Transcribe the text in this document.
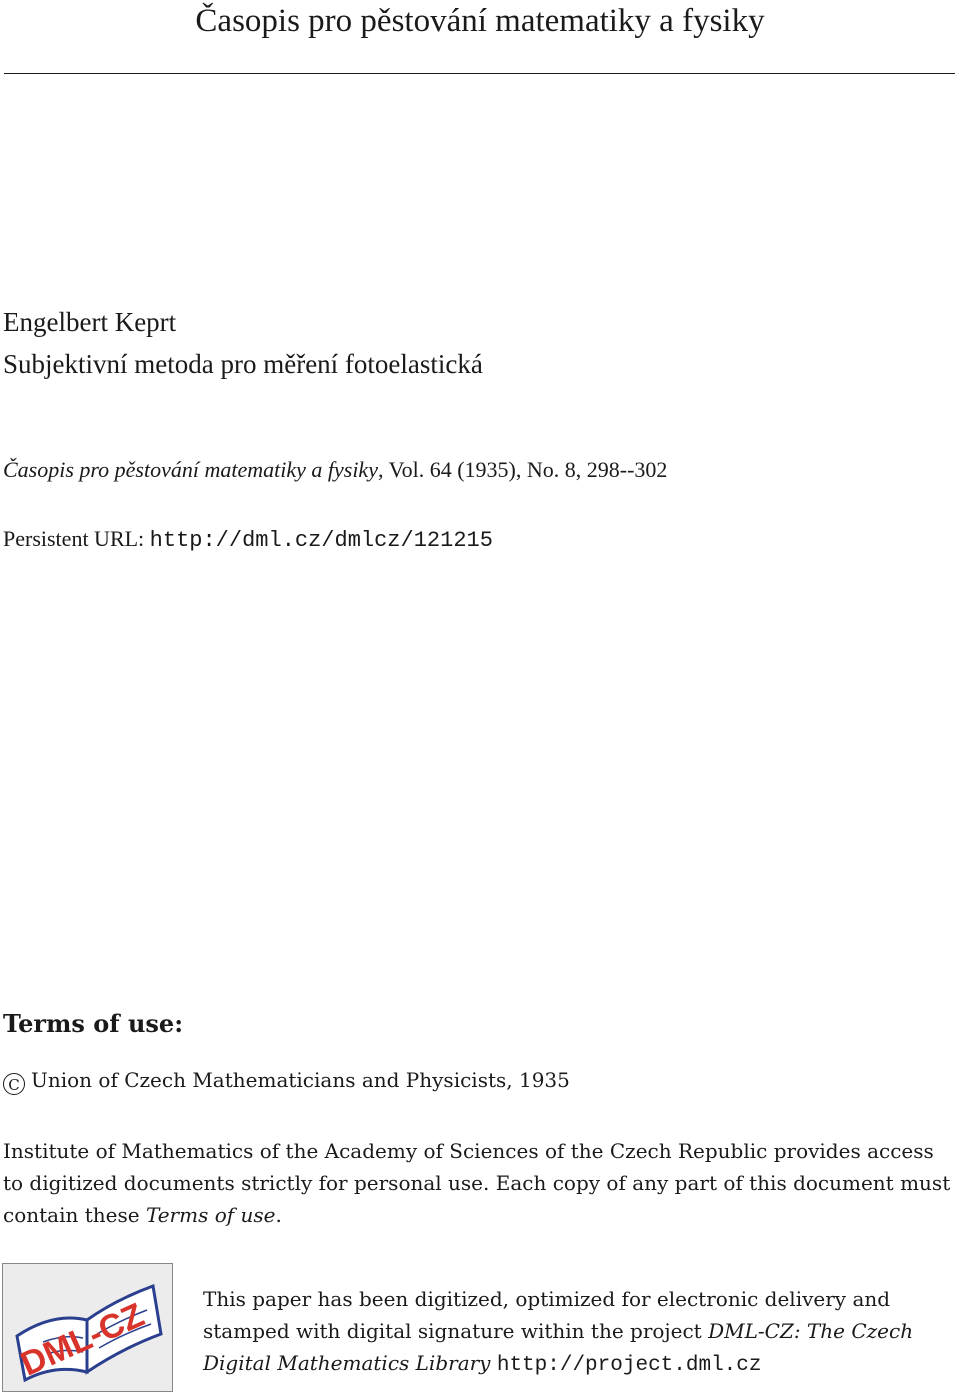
Časopis pro pěstování matematiky a fysiky
Engelbert Keprt
Subjektivní metoda pro měření fotoelastická
Časopis pro pěstování matematiky a fysiky, Vol. 64 (1935), No. 8, 298--302
Persistent URL: http://dml.cz/dmlcz/121215
Terms of use:
C Union of Czech Mathematicians and Physicists, 1935
Institute of Mathematics of the Academy of Sciences of the Czech Republic provides access to digitized documents strictly for personal use. Each copy of any part of this document must contain these Terms of use.
DML-CZ	This paper has been digitized, optimized for electronic delivery and stamped with digital signature within the project DML-CZ: The Czech Digital Mathematics Library http://project.dml.cz
